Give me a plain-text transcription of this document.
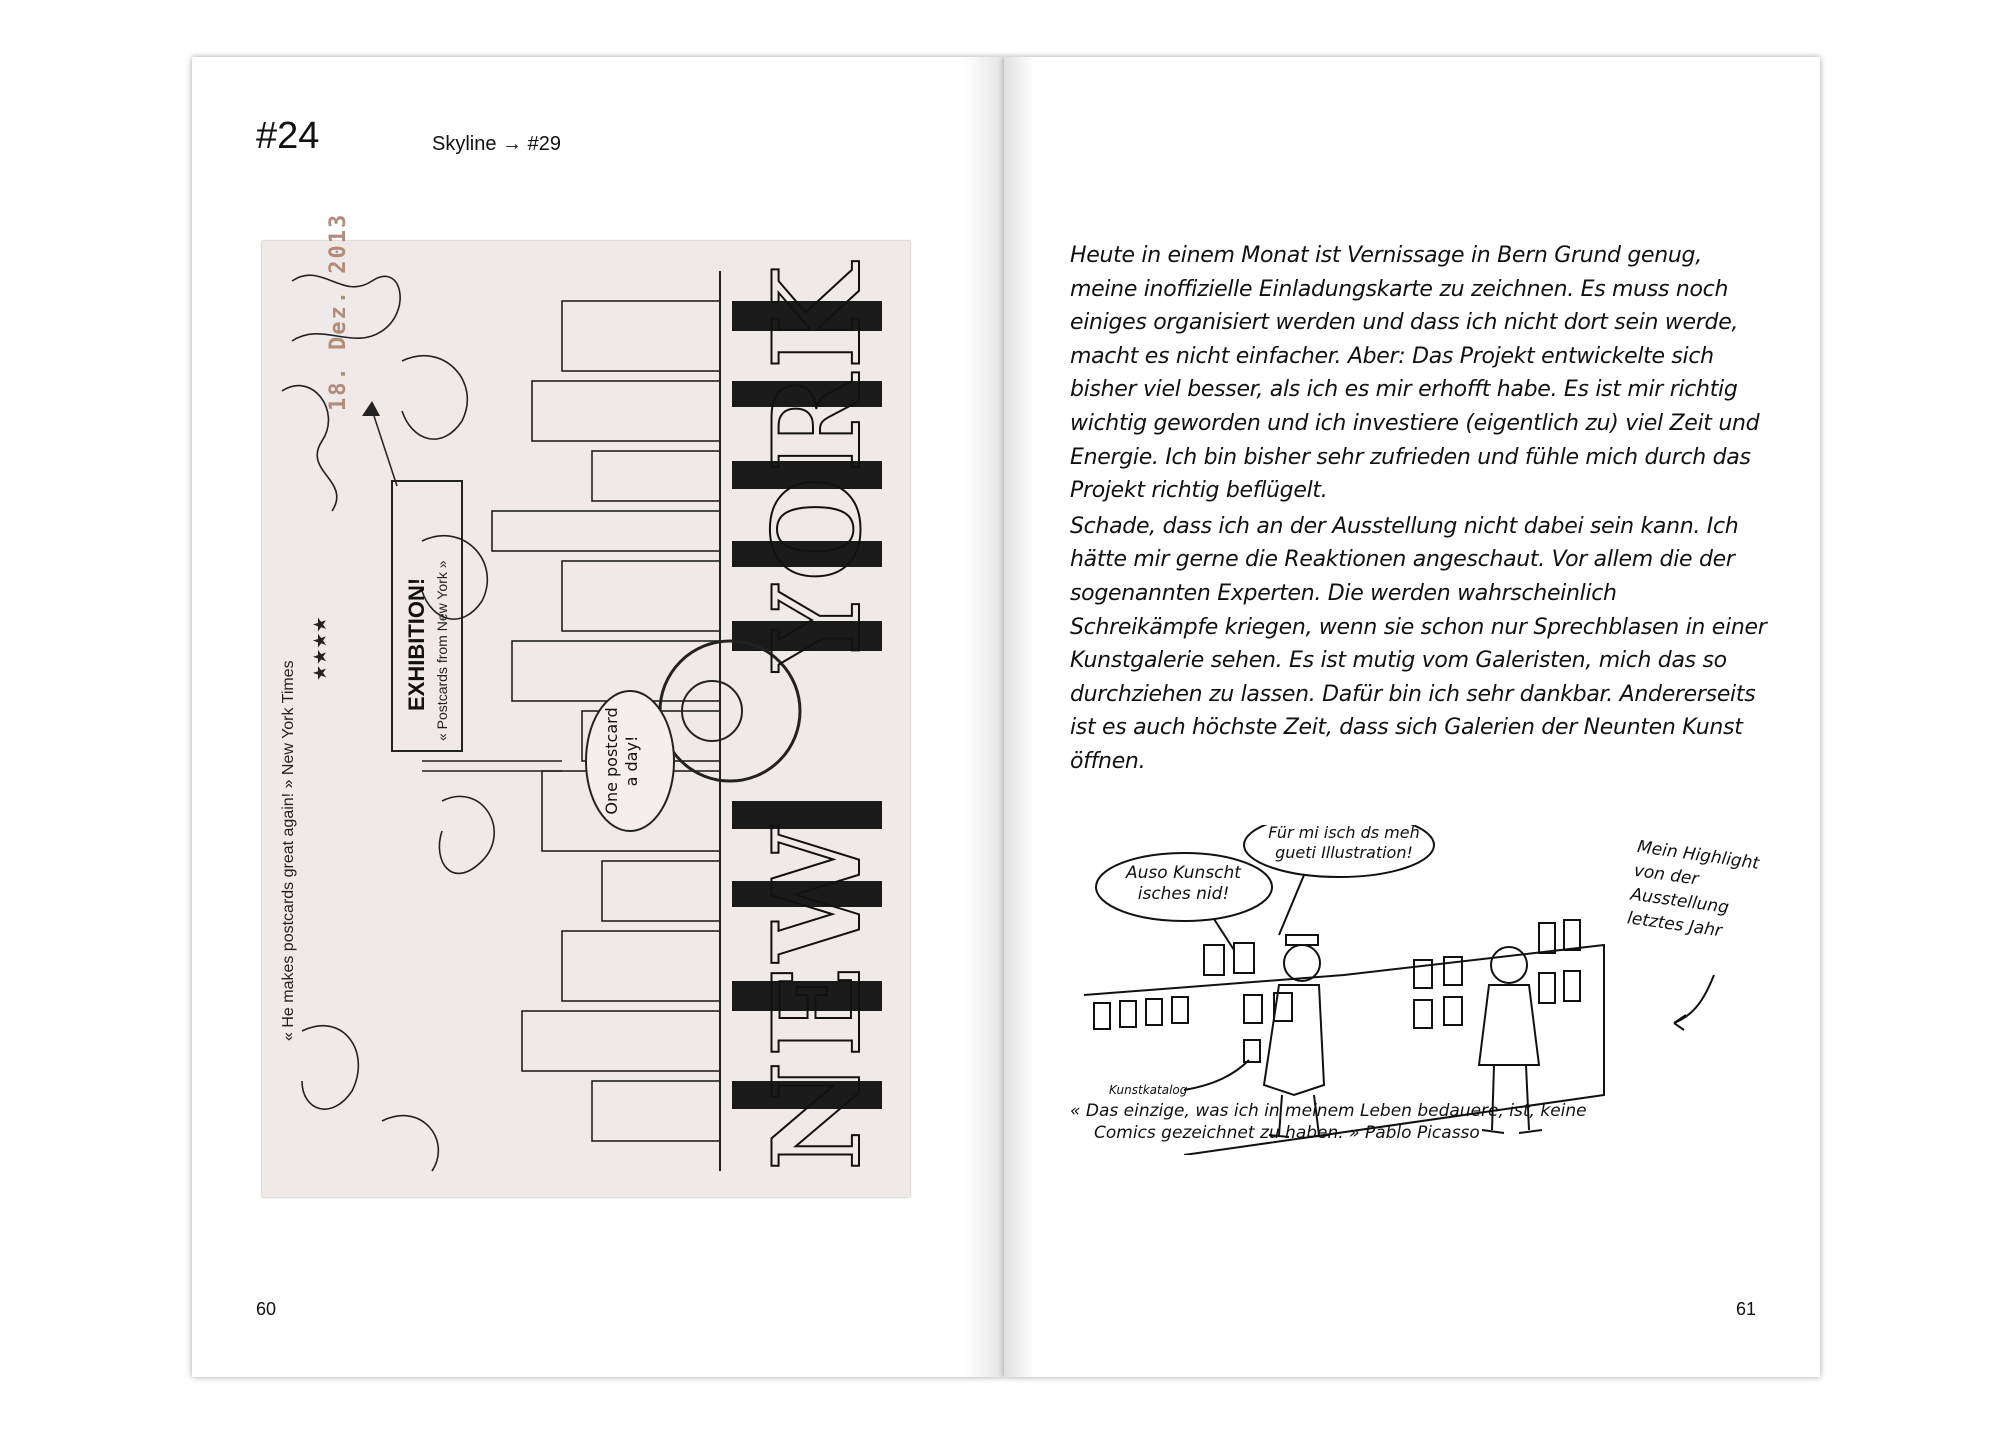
#24	Skyline → #29
18. Dez. 2013
« He makes postcards great again! » New York Times
★★★★	EXHIBITION! « Postcards from New York »
One postcard a day!
NEW
YORK
60

Heute in einem Monat ist Vernissage in Bern Grund genug, meine inoffizielle Einladungskarte zu zeichnen. Es muss noch einiges organisiert werden und dass ich nicht dort sein werde, macht es nicht einfacher. Aber: Das Projekt entwickelte sich bisher viel besser, als ich es mir erhofft habe. Es ist mir richtig wichtig geworden und ich investiere (eigentlich zu) viel Zeit und Energie. Ich bin bisher sehr zufrieden und fühle mich durch das Projekt richtig beflügelt.

Schade, dass ich an der Ausstellung nicht dabei sein kann. Ich hätte mir gerne die Reaktionen angeschaut. Vor allem die der sogenannten Experten. Die werden wahrscheinlich Schreikämpfe kriegen, wenn sie schon nur Sprechblasen in einer Kunstgalerie sehen. Es ist mutig vom Galeristen, mich das so durchziehen zu lassen. Dafür bin ich sehr dankbar. Andererseits ist es auch höchste Zeit, dass sich Galerien der Neunten Kunst öffnen.

Auso Kunscht isches nid!
Für mi isch ds meh gueti Illustration!	Mein Highlight von der Ausstellung letztes Jahr
Kunstkatalog
« Das einzige, was ich in meinem Leben bedauere, ist, keine
Comics gezeichnet zu haben. » Pablo Picasso
61
